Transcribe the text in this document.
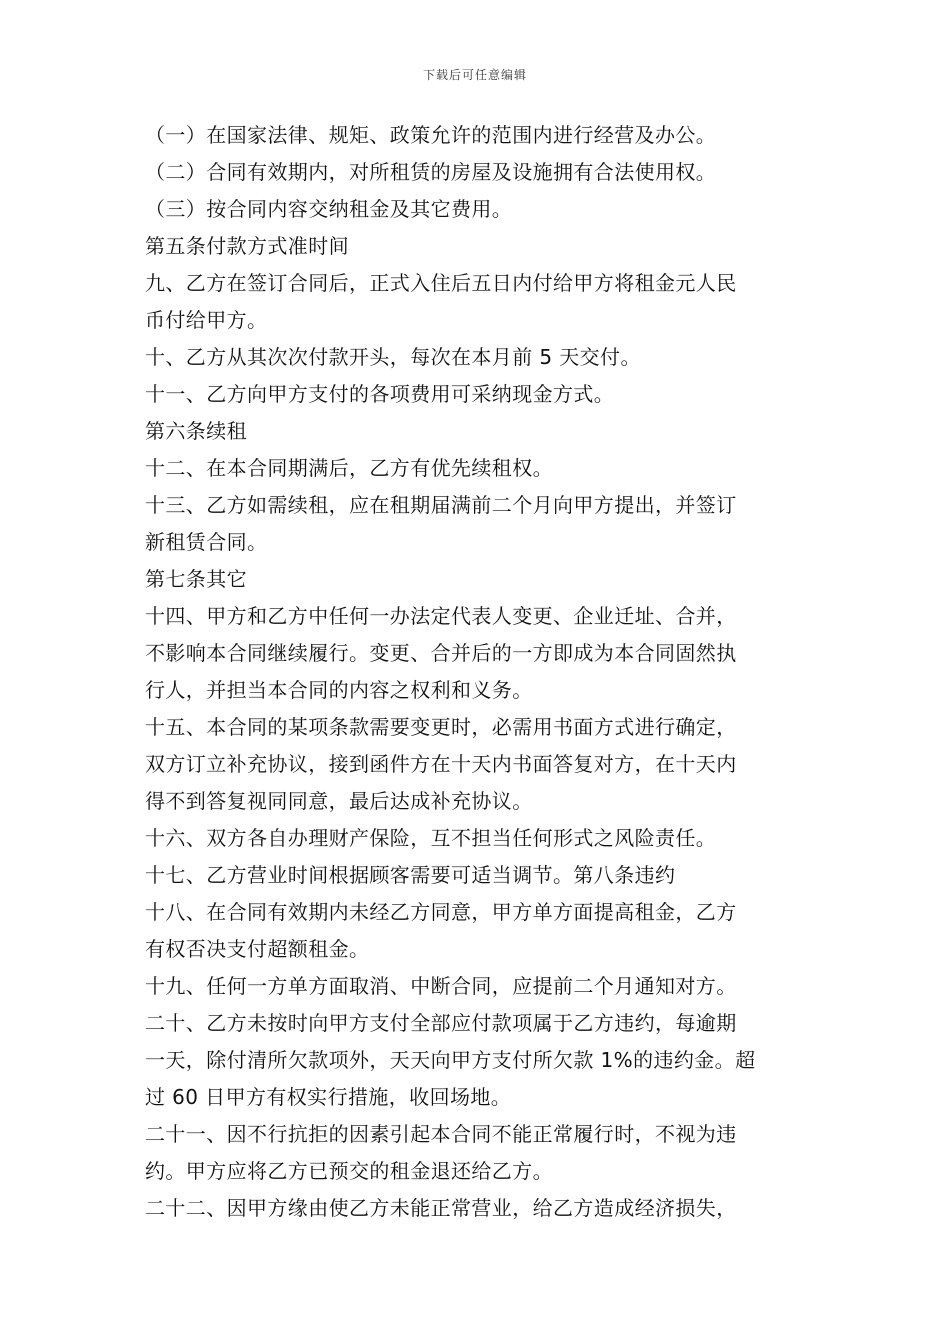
下载后可任意编辑
（一）在国家法律、规矩、政策允许的范围内进行经营及办公。
（二）合同有效期内，对所租赁的房屋及设施拥有合法使用权。
（三）按合同内容交纳租金及其它费用。
第五条付款方式准时间
九、乙方在签订合同后，正式入住后五日内付给甲方将租金元人民
币付给甲方。
十、乙方从其次次付款开头，每次在本月前 5 天交付。
十一、乙方向甲方支付的各项费用可采纳现金方式。
第六条续租
十二、在本合同期满后，乙方有优先续租权。
十三、乙方如需续租，应在租期届满前二个月向甲方提出，并签订
新租赁合同。
第七条其它
十四、甲方和乙方中任何一办法定代表人变更、企业迁址、合并，
不影响本合同继续履行。变更、合并后的一方即成为本合同固然执
行人，并担当本合同的内容之权利和义务。
十五、本合同的某项条款需要变更时，必需用书面方式进行确定，
双方订立补充协议，接到函件方在十天内书面答复对方，在十天内
得不到答复视同同意，最后达成补充协议。
十六、双方各自办理财产保险，互不担当任何形式之风险责任。
十七、乙方营业时间根据顾客需要可适当调节。第八条违约
十八、在合同有效期内未经乙方同意，甲方单方面提高租金，乙方
有权否决支付超额租金。
十九、任何一方单方面取消、中断合同，应提前二个月通知对方。
二十、乙方未按时向甲方支付全部应付款项属于乙方违约，每逾期
一天，除付清所欠款项外，天天向甲方支付所欠款 1%的违约金。超
过 60 日甲方有权实行措施，收回场地。
二十一、因不行抗拒的因素引起本合同不能正常履行时，不视为违
约。甲方应将乙方已预交的租金退还给乙方。
二十二、因甲方缘由使乙方未能正常营业，给乙方造成经济损失，
